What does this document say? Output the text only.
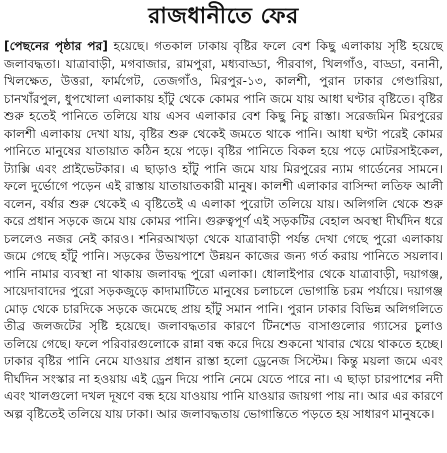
রাজধানীতে ফের

[পেছনের পৃষ্ঠার পর] হয়েছে। গতকাল ঢাকায় বৃষ্টির ফলে বেশ কিছু এলাকায় সৃষ্টি হয়েছে জলাবদ্ধতা। যাত্রাবাড়ী, মগবাজার, রামপুরা, মধ্যবাড্ডা, পীরবাগ, খিলগাঁও, বাড্ডা, বনানী, খিলক্ষেত, উত্তরা, ফার্মগেট, তেজগাঁও, মিরপুর-১৩, কালশী, পুরান ঢাকার গেণ্ডারিয়া, চানখাঁরপুল, ধুপখোলা এলাকায় হাঁটু থেকে কোমর পানি জমে যায় আধা ঘণ্টার বৃষ্টিতে। বৃষ্টির শুরু হতেই পানিতে তলিয়ে যায় এসব এলাকার বেশ কিছু নিচু রাস্তা। সরেজমিন মিরপুরের কালশী এলাকায় দেখা যায়, বৃষ্টির শুরু থেকেই জমতে থাকে পানি। আধা ঘণ্টা পরেই কোমর পানিতে মানুষের যাতায়াত কঠিন হয়ে পড়ে। বৃষ্টির পানিতে বিকল হয়ে পড়ে মোটরসাইকেল, ট্যাক্সি এবং প্রাইভেটকার। এ ছাড়াও হাঁটু পানি জমে যায় মিরপুরের ন্যাম গার্ডেনের সামনে। ফলে দুর্ভোগে পড়েন এই রাস্তায় যাতায়াতকারী মানুষ। কালশী এলাকার বাসিন্দা লতিফ আলী বলেন, বর্ষার শুরু থেকেই এ বৃষ্টিতেই এ এলাকা পুরোটা তলিয়ে যায়। অলিগলি থেকে শুরু করে প্রধান সড়কে জমে যায় কোমর পানি। গুরুত্বপূর্ণ এই সড়কটির বেহাল অবস্থা দীর্ঘদিন ধরে চললেও নজর নেই কারও। শনিরআখড়া থেকে যাত্রাবাড়ী পর্যন্ত দেখা গেছে পুরো এলাকায় জমে গেছে হাঁটু পানি। সড়কের উভয়পাশে উন্নয়ন কাজের জন্য গর্ত করায় পানিতে সয়লাব। পানি নামার ব্যবস্থা না থাকায় জলাবদ্ধ পুরো এলাকা। ধোলাইপার থেকে যাত্রাবাড়ী, দয়াগঞ্জ, সায়েদাবাদের পুরো সড়কজুড়ে কাদামাটিতে মানুষের চলাচলে ভোগান্তি চরম পর্যায়ে। দয়াগঞ্জ মোড় থেকে চারদিকে সড়কে জমেছে প্রায় হাঁটু সমান পানি। পুরান ঢাকার বিভিন্ন অলিগলিতে তীব্র জলজটের সৃষ্টি হয়েছে। জলাবদ্ধতার কারণে টিনশেড বাসাগুলোর গ্যাসের চুলাও তলিয়ে গেছে। ফলে পরিবারগুলোকে রান্না বন্ধ করে দিয়ে শুকনো খাবার খেয়ে থাকতে হচ্ছে। ঢাকার বৃষ্টির পানি নেমে যাওয়ার প্রধান রাস্তা হলো ড্রেনেজ সিস্টেম। কিন্তু ময়লা জমে এবং দীর্ঘদিন সংস্কার না হওয়ায় এই ড্রেন দিয়ে পানি নেমে যেতে পারে না। এ ছাড়া চারপাশের নদী এবং খালগুলো দখল দূষণে বন্ধ হয়ে যাওয়ায় পানি যাওয়ার জায়গা পায় না। আর এর কারণে অল্প বৃষ্টিতেই তলিয়ে যায় ঢাকা। আর জলাবদ্ধতায় ভোগান্তিতে পড়তে হয় সাধারণ মানুষকে।
